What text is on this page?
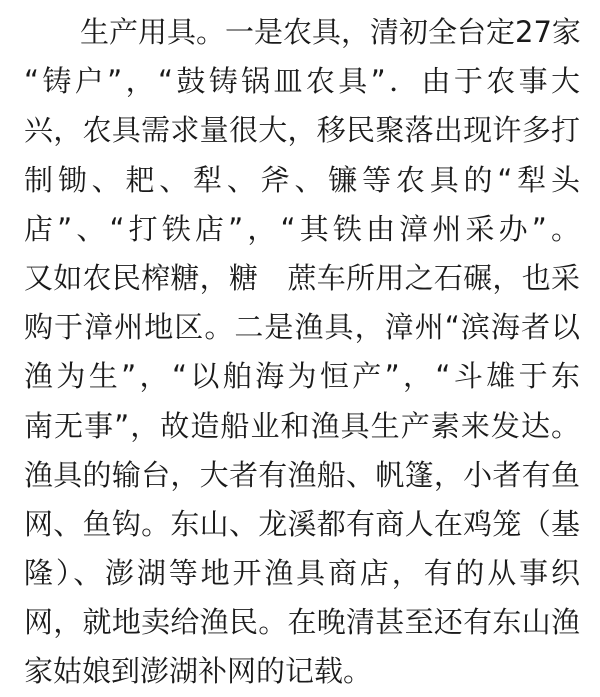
生产用具。一是农具，清初全台定27家
“铸户”，“鼓铸锅皿农具”．由于农事大
兴，农具需求量很大，移民聚落出现许多打
制锄、耙、犁、斧、镰等农具的“犁头
店”、“打铁店”，“其铁由漳州采办”。
又如农民榨糖，糖　蔗车所用之石碾，也采
购于漳州地区。二是渔具，漳州“滨海者以
渔为生”，“以舶海为恒产”，“斗雄于东
南无事”，故造船业和渔具生产素来发达。
渔具的输台，大者有渔船、帆篷，小者有鱼
网、鱼钩。东山、龙溪都有商人在鸡笼（基
隆）、澎湖等地开渔具商店，有的从事织
网，就地卖给渔民。在晚清甚至还有东山渔
家姑娘到澎湖补网的记载。
